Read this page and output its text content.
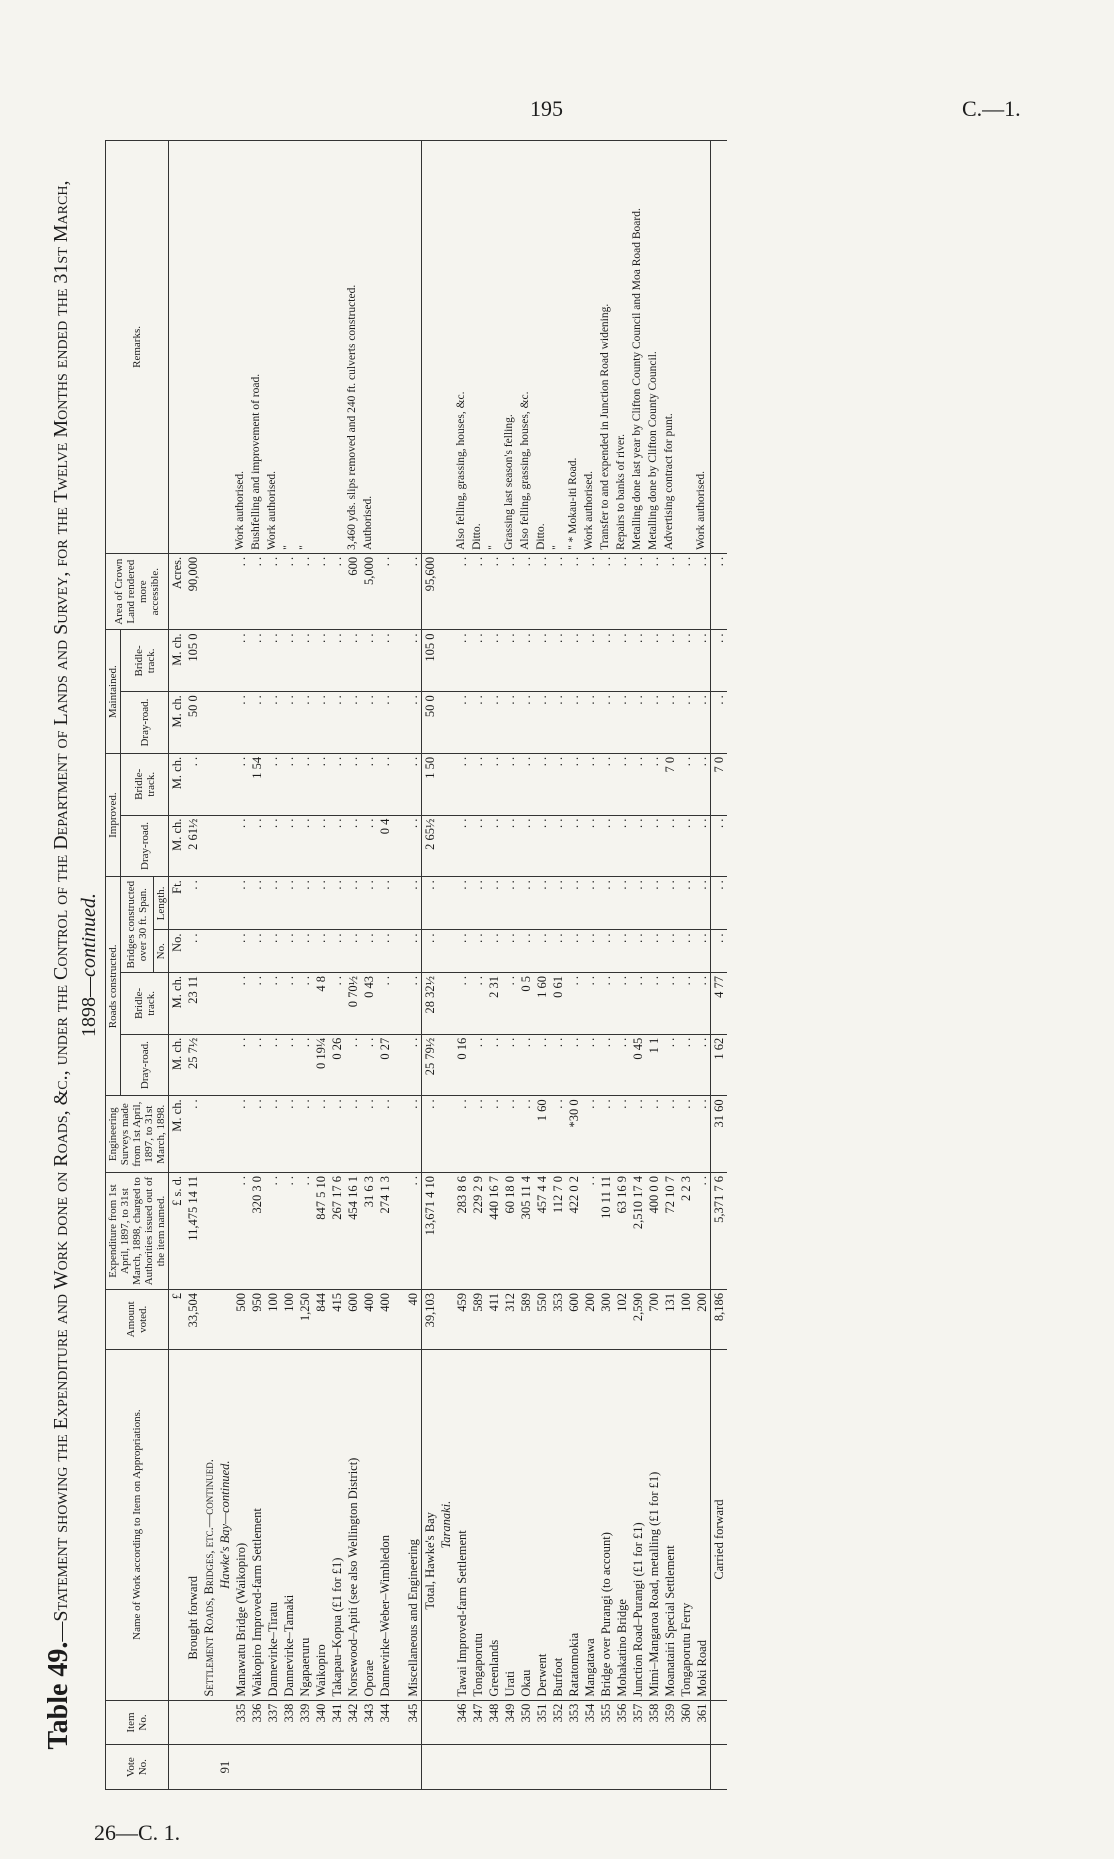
195	C.—1.
26—C. 1.
Table 49.—Statement showing the Expenditure and Work done on Roads, &c., under the Control of the Department of Lands and Survey, for the Twelve Months ended the 31st March, 1898—continued.
Vote No.	Item No.	Name of Work according to Item on Appropriations.	Amount voted.	Expenditure from 1st April, 1897, to 31st March, 1898, charged to Authorities issued out of the item named.	Engineering Surveys made from 1st April, 1897, to 31st March, 1898.	Roads constructed.				Improved.		Maintained.		Area of Crown Land rendered more accessible.	Remarks.
						Dray-road.	Bridle-track.	Bridges constructed over 30 ft. Span.		Dray-road.	Bridle-track.	Dray-road.	Bridle-track.		
								No.	Length.						
			£	£ s. d.	M. ch.	M. ch.	M. ch.	No.	Ft.	M. ch.	M. ch.	M. ch.	M. ch.	Acres.	
		Brought forward	33,504	11,475 14 11	. .	25 7½	23 11	. .	. .	2 61½	. .	50 0	105 0	90,000	
		Settlement Roads, Bridges, etc.—continued.													
91		Hawke's Bay—continued.													
	335	Manawatu Bridge (Waikopiro)	500	. .	. .	. .	. .	. .	. .	. .	. .	. .	. .	. .	Work authorised.
	336	Waikopiro Improved-farm Settlement	950	320 3 0	. .	. .	. .	. .	. .	. .	1 54	. .	. .	. .	Bushfelling and improvement of road.
	337	Dannevirke–Tiratu	100	. .	. .	. .	. .	. .	. .	. .	. .	. .	. .	. .	Work authorised.
	338	Dannevirke–Tamaki	100	. .	. .	. .	. .	. .	. .	. .	. .	. .	. .	. .	"
	339	Ngapaeruru	1,250	. .	. .	. .	. .	. .	. .	. .	. .	. .	. .	. .	"
	340	Waikopiro	844	847 5 10	. .	0 19¼	4 8	. .	. .	. .	. .	. .	. .	. .	
	341	Takapau–Kopua (£1 for £1)	415	267 17 6	. .	0 26	. .	. .	. .	. .	. .	. .	. .	. .	
	342	Norsewood–Apiti (see also Wellington District)	600	454 16 1	. .	. .	0 70½	. .	. .	. .	. .	. .	. .	600	3,460 yds. slips removed and 240 ft. culverts constructed.
	343	Oporae	400	31 6 3	. .	. .	0 43	. .	. .	. .	. .	. .	. .	5,000	Authorised.
	344	Dannevirke–Weber–Wimbledon	400	274 1 3	. .	0 27	. .	. .	. .	0 4	. .	. .	. .	. .	

	345	Miscellaneous and Engineering	40	. .	. .	. .	. .	. .	. .	. .	. .	. .	. .	. .	
		Total, Hawke's Bay	39,103	13,671 4 10	. .	25 79½	28 32½	. .	. .	2 65½	1 50	50 0	105 0	95,600	
		Taranaki.													
	346	Tawai Improved-farm Settlement	459	283 8 6	. .	0 16	. .	. .	. .	. .	. .	. .	. .	. .	Also felling, grassing, houses, &c.
	347	Tongaporutu	589	229 2 9	. .	. .	. .	. .	. .	. .	. .	. .	. .	. .	Ditto.
	348	Greenlands	411	440 16 7	. .	. .	2 31	. .	. .	. .	. .	. .	. .	. .	"
	349	Urati	312	60 18 0	. .	. .	. .	. .	. .	. .	. .	. .	. .	. .	Grassing last season's felling.
	350	Okau	589	305 11 4	. .	. .	0 5	. .	. .	. .	. .	. .	. .	. .	Also felling, grassing, houses, &c.
	351	Derwent	550	457 4 4	1 60	. .	1 60	. .	. .	. .	. .	. .	. .	. .	Ditto.
	352	Burfoot	353	112 7 0	. .	. .	0 61	. .	. .	. .	. .	. .	. .	. .	"
	353	Ratatomokia	600	422 0 2	*30 0	. .	. .	. .	. .	. .	. .	. .	. .	. .	" * Mokau-iti Road.
	354	Mangatawa	200	. .	. .	. .	. .	. .	. .	. .	. .	. .	. .	. .	Work authorised.
	355	Bridge over Purangi (to account)	300	10 11 11	. .	. .	. .	. .	. .	. .	. .	. .	. .	. .	Transfer to and expended in Junction Road widening.
	356	Mohakatino Bridge	102	63 16 9	. .	. .	. .	. .	. .	. .	. .	. .	. .	. .	Repairs to banks of river.
	357	Junction Road–Purangi (£1 for £1)	2,590	2,510 17 4	. .	0 45	. .	. .	. .	. .	. .	. .	. .	. .	Metalling done last year by Clifton County Council and Moa Road Board.
	358	Mimi–Mangaroa Road, metalling (£1 for £1)	700	400 0 0	. .	1 1	. .	. .	. .	. .	. .	. .	. .	. .	Metalling done by Clifton County Council.
	359	Moanatairi Special Settlement	131	72 10 7	. .	. .	. .	. .	. .	. .	7 0	. .	. .	. .	Advertising contract for punt.
	360	Tongaporutu Ferry	100	2 2 3	. .	. .	. .	. .	. .	. .	. .	. .	. .	. .	
	361	Moki Road	200	. .	. .	. .	. .	. .	. .	. .	. .	. .	. .	. .	Work authorised.
		Carried forward	8,186	5,371 7 6	31 60	1 62	4 77	. .	. .	. .	7 0	. .	. .	. .	
